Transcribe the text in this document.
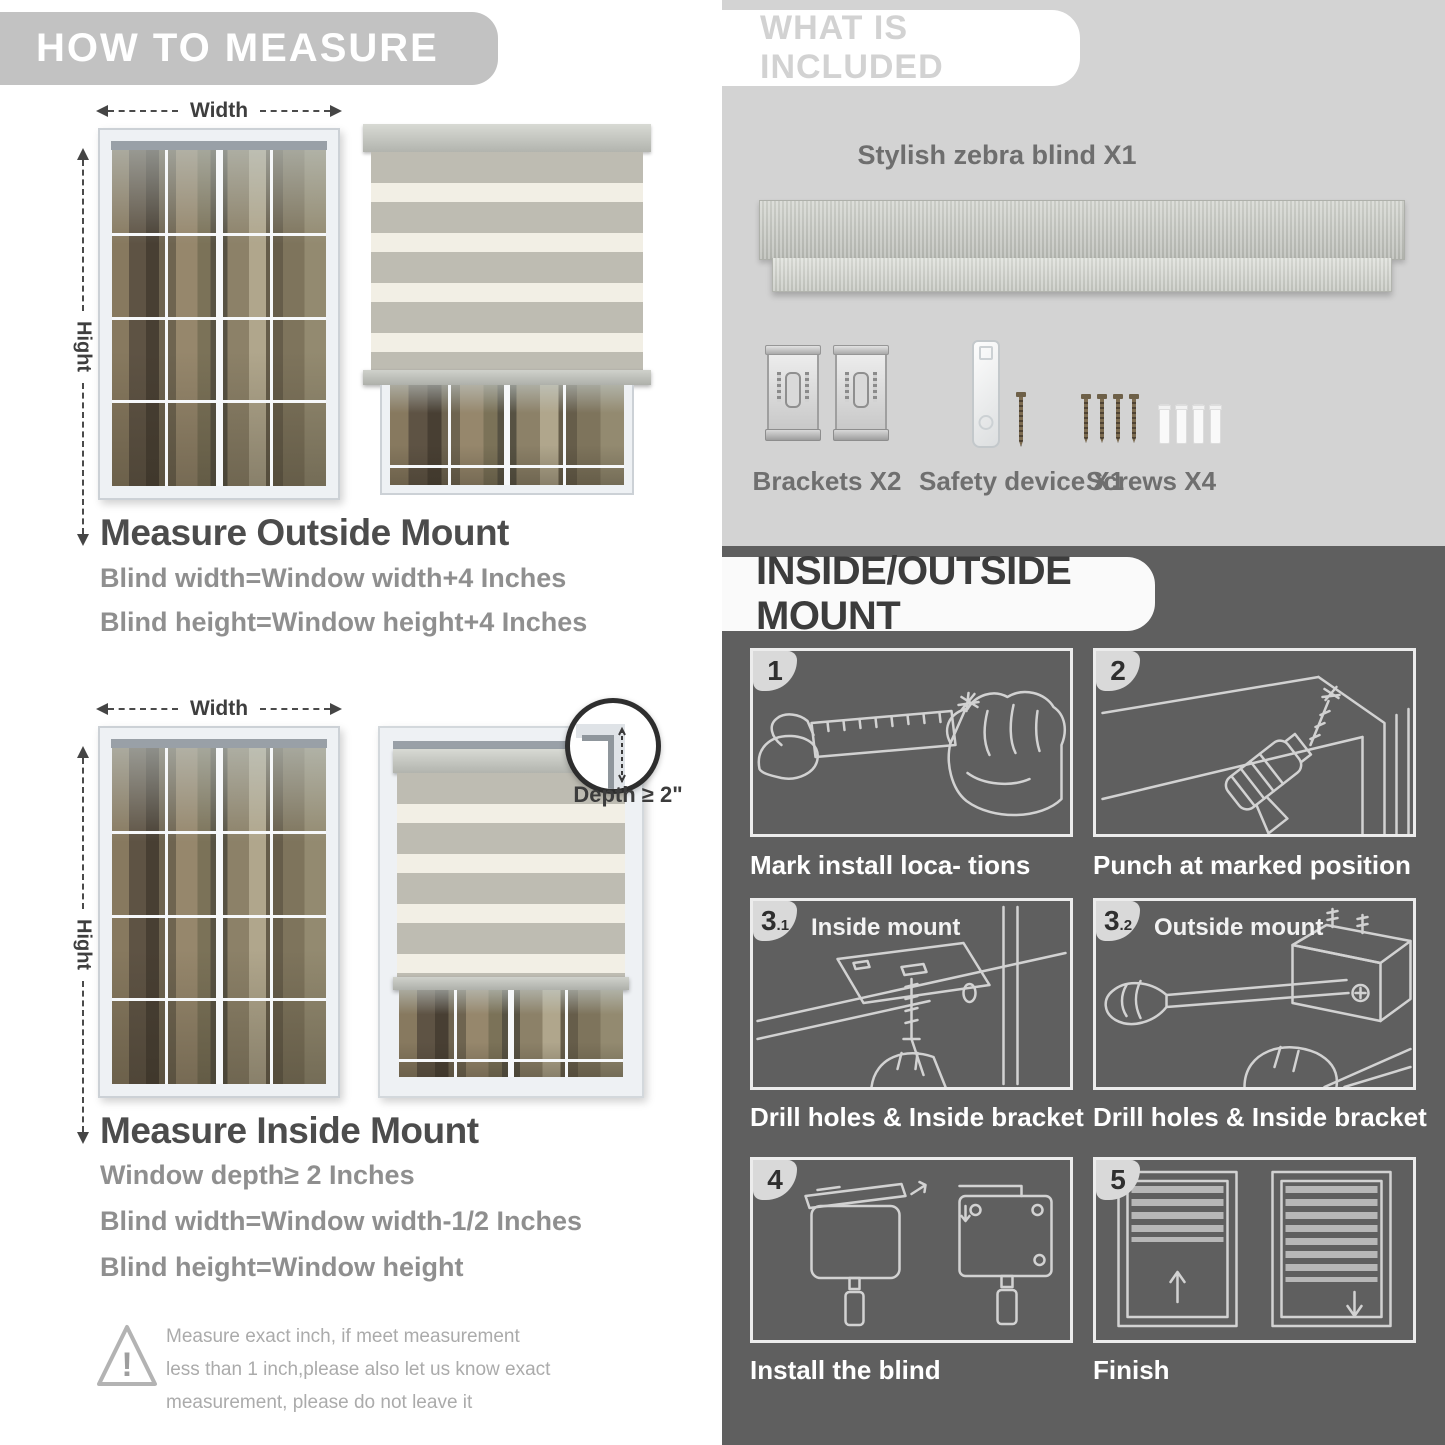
HOW TO MEASURE
Width
Hight
Measure Outside Mount
Blind width=Window width+4 Inches
Blind height=Window height+4 Inches
Width
Hight
Depth ≥ 2"
Measure Inside Mount
Window depth≥ 2 Inches
Blind width=Window width-1/2 Inches
Blind height=Window height
!
Measure exact inch, if meet measurement less than 1 inch,please also let us know exact measurement, please do not leave it
WHAT IS INCLUDED
Stylish zebra blind X1
Brackets X2 Safety device X1
Screws X4
INSIDE/OUTSIDE MOUNT
1
Mark install loca- tions
2
Punch at marked position
3 .1 Inside mount
Drill holes & Inside bracket
3 .2 Outside mount
Drill holes & Inside bracket
4
Install the blind
5
Finish
